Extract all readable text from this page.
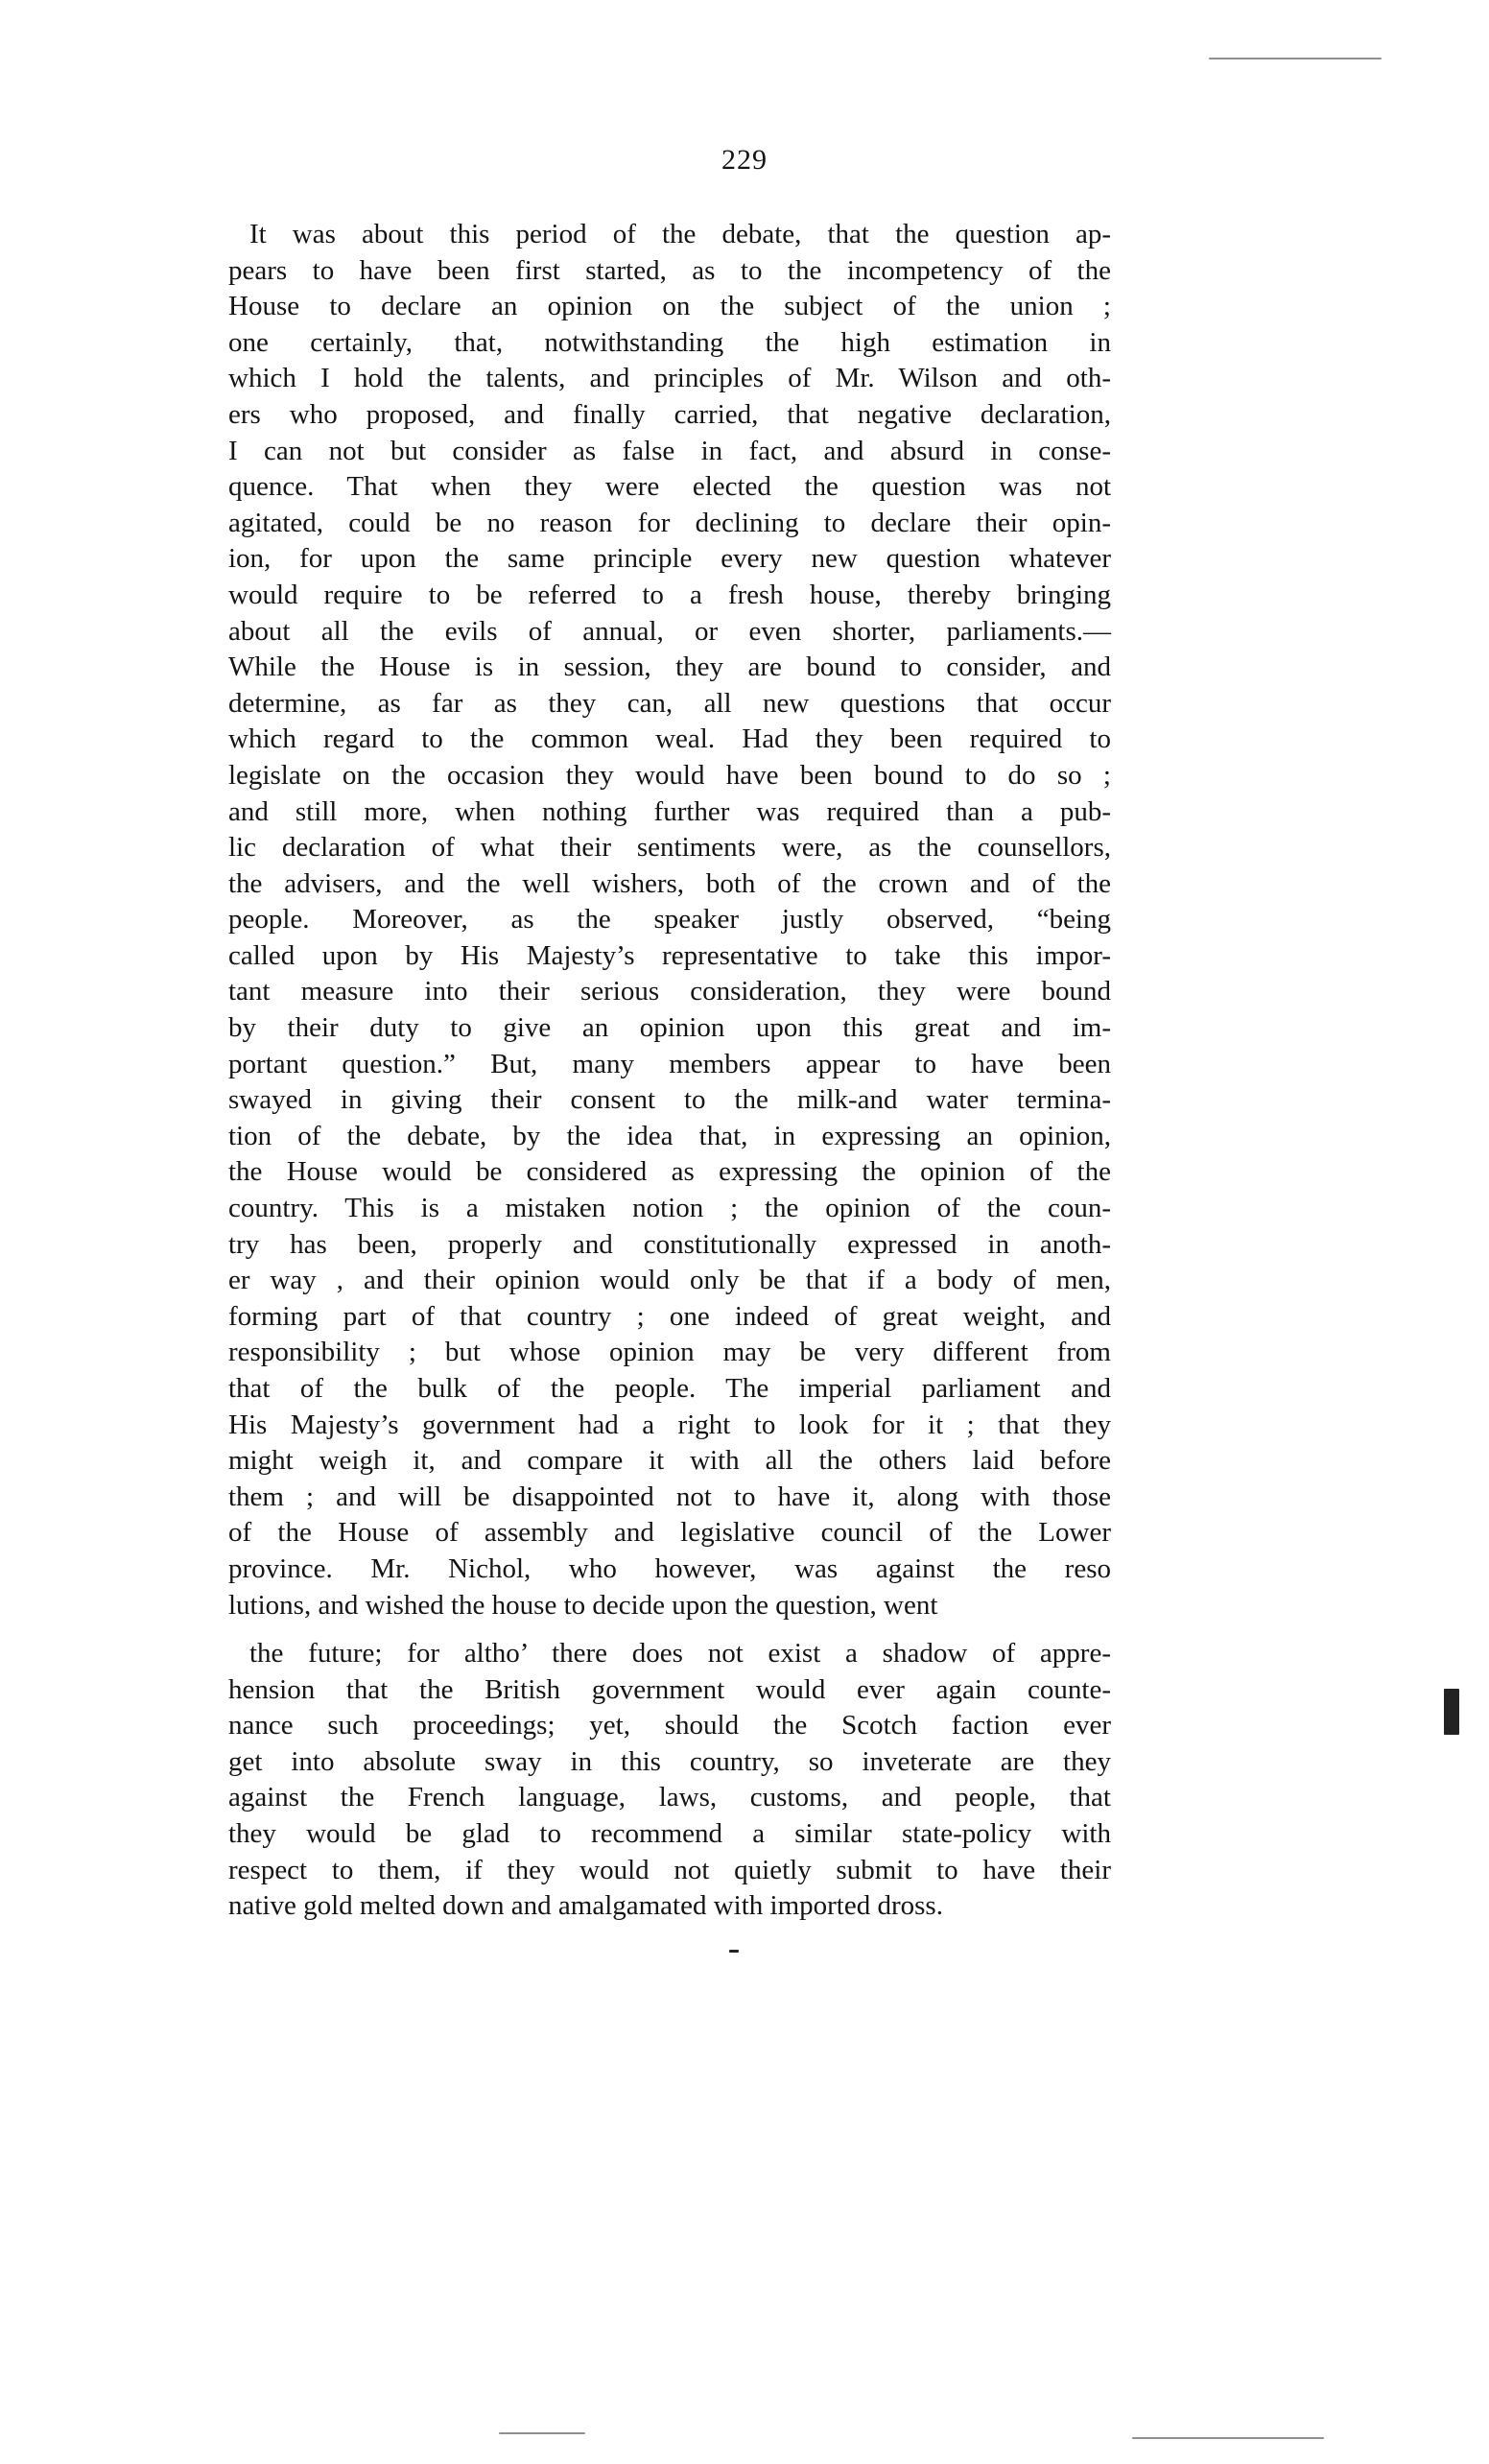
229
It was about this period of the debate, that the question ap-
pears to have been first started, as to the incompetency of the
House to declare an opinion on the subject of the union ;
one certainly, that, notwithstanding the high estimation in
which I hold the talents, and principles of Mr. Wilson and oth-
ers who proposed, and finally carried, that negative declaration,
I can not but consider as false in fact, and absurd in conse-
quence. That when they were elected the question was not
agitated, could be no reason for declining to declare their opin-
ion, for upon the same principle every new question whatever
would require to be referred to a fresh house, thereby bringing
about all the evils of annual, or even shorter, parliaments.—
While the House is in session, they are bound to consider, and
determine, as far as they can, all new questions that occur
which regard to the common weal. Had they been required to
legislate on the occasion they would have been bound to do so ;
and still more, when nothing further was required than a pub-
lic declaration of what their sentiments were, as the counsellors,
the advisers, and the well wishers, both of the crown and of the
people. Moreover, as the speaker justly observed, “being
called upon by His Majesty’s representative to take this impor-
tant measure into their serious consideration, they were bound
by their duty to give an opinion upon this great and im-
portant question.” But, many members appear to have been
swayed in giving their consent to the milk-and water termina-
tion of the debate, by the idea that, in expressing an opinion,
the House would be considered as expressing the opinion of the
country. This is a mistaken notion ; the opinion of the coun-
try has been, properly and constitutionally expressed in anoth-
er way , and their opinion would only be that if a body of men,
forming part of that country ; one indeed of great weight, and
responsibility ; but whose opinion may be very different from
that of the bulk of the people. The imperial parliament and
His Majesty’s government had a right to look for it ; that they
might weigh it, and compare it with all the others laid before
them ; and will be disappointed not to have it, along with those
of the House of assembly and legislative council of the Lower
province. Mr. Nichol, who however, was against the reso
lutions, and wished the house to decide upon the question, went
the future; for altho’ there does not exist a shadow of appre-
hension that the British government would ever again counte-
nance such proceedings; yet, should the Scotch faction ever
get into absolute sway in this country, so inveterate are they
against the French language, laws, customs, and people, that
they would be glad to recommend a similar state-policy with
respect to them, if they would not quietly submit to have their
native gold melted down and amalgamated with imported dross.
